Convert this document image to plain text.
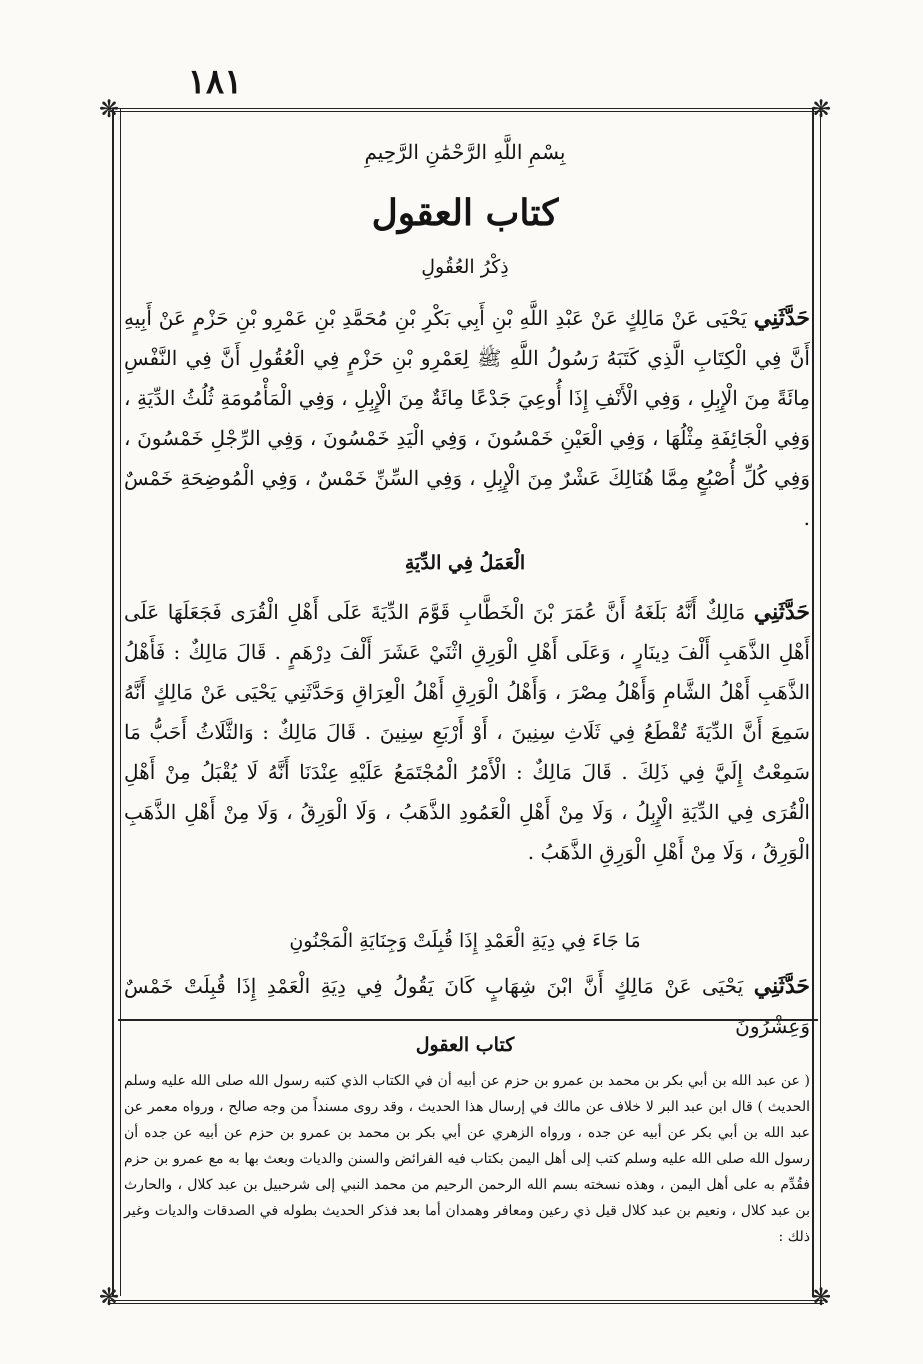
١٨١
❋	❋
❋	❋
بِسْمِ اللَّهِ الرَّحْمَٰنِ الرَّحِيمِ
كتاب العقول
ذِكْرُ العُقُولِ
حَدَّثَنِي يَحْيَى عَنْ مَالِكٍ عَنْ عَبْدِ اللَّهِ بْنِ أَبِي بَكْرِ بْنِ مُحَمَّدِ بْنِ عَمْرِو بْنِ حَزْمٍ عَنْ أَبِيهِ أَنَّ فِي الْكِتَابِ الَّذِي كَتَبَهُ رَسُولُ اللَّهِ ﷺ لِعَمْرِو بْنِ حَزْمٍ فِي الْعُقُولِ أَنَّ فِي النَّفْسِ مِائَةً مِنَ الْإِبِلِ ، وَفِي الْأَنْفِ إِذَا أُوعِيَ جَدْعًا مِائَةٌ مِنَ الْإِبِلِ ، وَفِي الْمَأْمُومَةِ ثُلُثُ الدِّيَةِ ، وَفِي الْجَائِفَةِ مِثْلُهَا ، وَفِي الْعَيْنِ خَمْسُونَ ، وَفِي الْيَدِ خَمْسُونَ ، وَفِي الرِّجْلِ خَمْسُونَ ، وَفِي كُلِّ أُصْبُعٍ مِمَّا هُنَالِكَ عَشْرٌ مِنَ الْإِبِلِ ، وَفِي السِّنِّ خَمْسٌ ، وَفِي الْمُوضِحَةِ خَمْسٌ .
الْعَمَلُ فِي الدِّيَةِ
حَدَّثَنِي مَالِكٌ أَنَّهُ بَلَغَهُ أَنَّ عُمَرَ بْنَ الْخَطَّابِ قَوَّمَ الدِّيَةَ عَلَى أَهْلِ الْقُرَى فَجَعَلَهَا عَلَى أَهْلِ الذَّهَبِ أَلْفَ دِينَارٍ ، وَعَلَى أَهْلِ الْوَرِقِ اثْنَيْ عَشَرَ أَلْفَ دِرْهَمٍ . قَالَ مَالِكٌ : فَأَهْلُ الذَّهَبِ أَهْلُ الشَّامِ وَأَهْلُ مِصْرَ ، وَأَهْلُ الْوَرِقِ أَهْلُ الْعِرَاقِ وَحَدَّثَنِي يَحْيَى عَنْ مَالِكٍ أَنَّهُ سَمِعَ أَنَّ الدِّيَةَ تُقْطَعُ فِي ثَلَاثِ سِنِينَ ، أَوْ أَرْبَعِ سِنِينَ . قَالَ مَالِكٌ : وَالثَّلَاثُ أَحَبُّ مَا سَمِعْتُ إِلَيَّ فِي ذَلِكَ . قَالَ مَالِكٌ : الْأَمْرُ الْمُجْتَمَعُ عَلَيْهِ عِنْدَنَا أَنَّهُ لَا يُقْبَلُ مِنْ أَهْلِ الْقُرَى فِي الدِّيَةِ الْإِبِلُ ، وَلَا مِنْ أَهْلِ الْعَمُودِ الذَّهَبُ ، وَلَا الْوَرِقُ ، وَلَا مِنْ أَهْلِ الذَّهَبِ الْوَرِقُ ، وَلَا مِنْ أَهْلِ الْوَرِقِ الذَّهَبُ .
مَا جَاءَ فِي دِيَةِ الْعَمْدِ إِذَا قُبِلَتْ وَجِنَايَةِ الْمَجْنُونِ
حَدَّثَنِي يَحْيَى عَنْ مَالِكٍ أَنَّ ابْنَ شِهَابٍ كَانَ يَقُولُ فِي دِيَةِ الْعَمْدِ إِذَا قُبِلَتْ خَمْسٌ وَعِشْرُونَ
كتاب العقول
( عن عبد الله بن أبي بكر بن محمد بن عمرو بن حزم عن أبيه أن في الكتاب الذي كتبه رسول الله صلى الله عليه وسلم الحديث ) قال ابن عبد البر لا خلاف عن مالك في إرسال هذا الحديث ، وقد روى مسنداً من وجه صالح ، ورواه معمر عن عبد الله بن أبي بكر عن أبيه عن جده ، ورواه الزهري عن أبي بكر بن محمد بن عمرو بن حزم عن أبيه عن جده أن رسول الله صلى الله عليه وسلم كتب إلى أهل اليمن بكتاب فيه الفرائض والسنن والديات وبعث بها به مع عمرو بن حزم فقُدِّم به على أهل اليمن ، وهذه نسخته بسم الله الرحمن الرحيم من محمد النبي إلى شرحبيل بن عبد كلال ، والحارث بن عبد كلال ، ونعيم بن عبد كلال قيل ذي رعين ومعافر وهمدان أما بعد فذكر الحديث بطوله في الصدقات والديات وغير ذلك :
